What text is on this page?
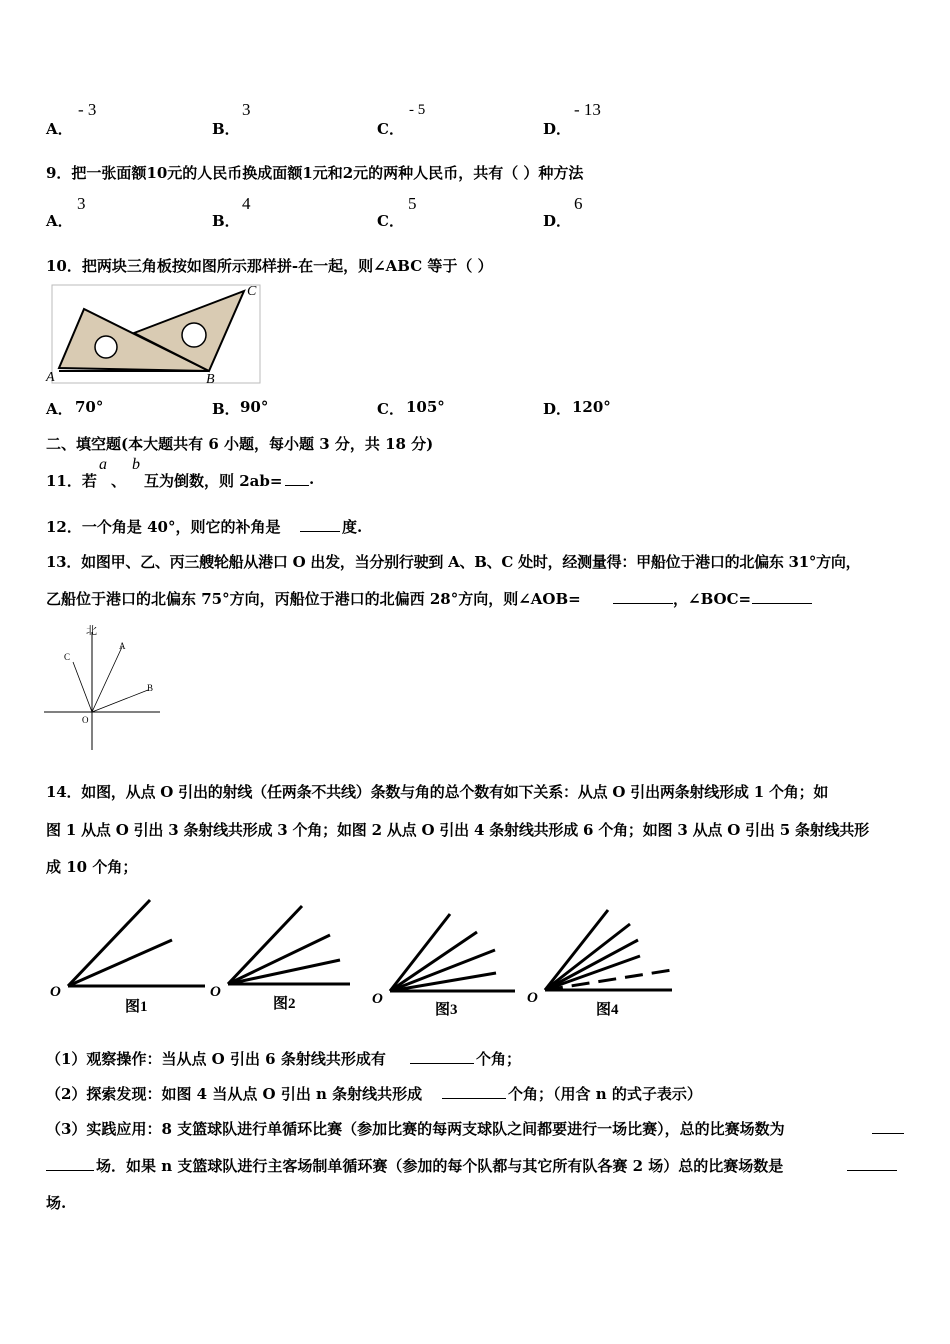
A．
- 3
B．
3
C．
- 5
D．
- 13
9．把一张面额10元的人民币换成面额1元和2元的两种人民币，共有（ ）种方法
A．
3
B．
4
C．
5
D．
6
10．把两块三角板按如图所示那样拼-在一起，则∠ABC 等于（ ）
A	B
C
A． 70°	B． 90°	C． 105°	D． 120°
二、填空题(本大题共有 6 小题，每小题 3 分，共 18 分)
11．若
a
、
b
互为倒数，则 2ab= .
12．一个角是 40°，则它的补角是	度.
13．如图甲、乙、丙三艘轮船从港口 O 出发，当分别行驶到 A、B、C 处时，经测量得：甲船位于港口的北偏东 31°方向，
乙船位于港口的北偏东 75°方向，丙船位于港口的北偏西 28°方向，则∠AOB=	，∠BOC=
北
A
B
C
O
14．如图，从点 O 引出的射线（任两条不共线）条数与角的总个数有如下关系：从点 O 引出两条射线形成 1 个角；如
图 1 从点 O 引出 3 条射线共形成 3 个角；如图 2 从点 O 引出 4 条射线共形成 6 个角；如图 3 从点 O 引出 5 条射线共形
成 10 个角；
O
图1
O
图2	O
图3
O
图4
（1）观察操作：当从点 O 引出 6 条射线共形成有	个角；
（2）探索发现：如图 4 当从点 O 引出 n 条射线共形成	个角；（用含 n 的式子表示）
（3）实践应用：8 支篮球队进行单循环比赛（参加比赛的每两支球队之间都要进行一场比赛），总的比赛场数为
场．如果 n 支篮球队进行主客场制单循环赛（参加的每个队都与其它所有队各赛 2 场）总的比赛场数是
场.
